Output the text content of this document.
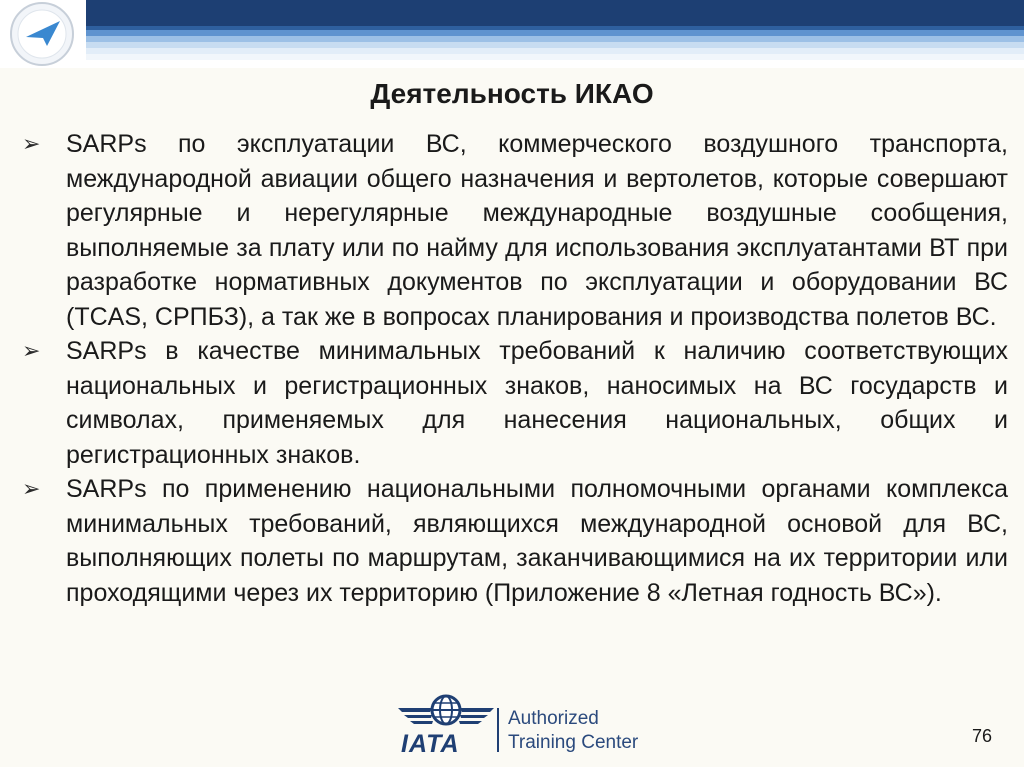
Деятельность ИКАО
➢	SARPs по эксплуатации ВС, коммерческого воздушного транспорта, международной авиации общего назначения и вертолетов, которые совершают регулярные и нерегулярные международные воздушные сообщения, выполняемые за плату или по найму для использования эксплуатантами ВТ при разработке нормативных документов по эксплуатации и оборудовании ВС (TCAS, СРПБЗ), а так же в вопросах планирования и производства полетов ВС.
➢	SARPs в качестве минимальных требований к наличию соответствующих национальных и регистрационных знаков, наносимых на ВС государств и символах, применяемых для нанесения национальных, общих и регистрационных знаков.
➢	SARPs по применению национальными полномочными органами комплекса минимальных требований, являющихся международной основой для ВС, выполняющих полеты по маршрутам, заканчивающимися на их территории или проходящими через их территорию (Приложение 8 «Летная годность ВС»).
IATA
Authorized
Training Center	76
